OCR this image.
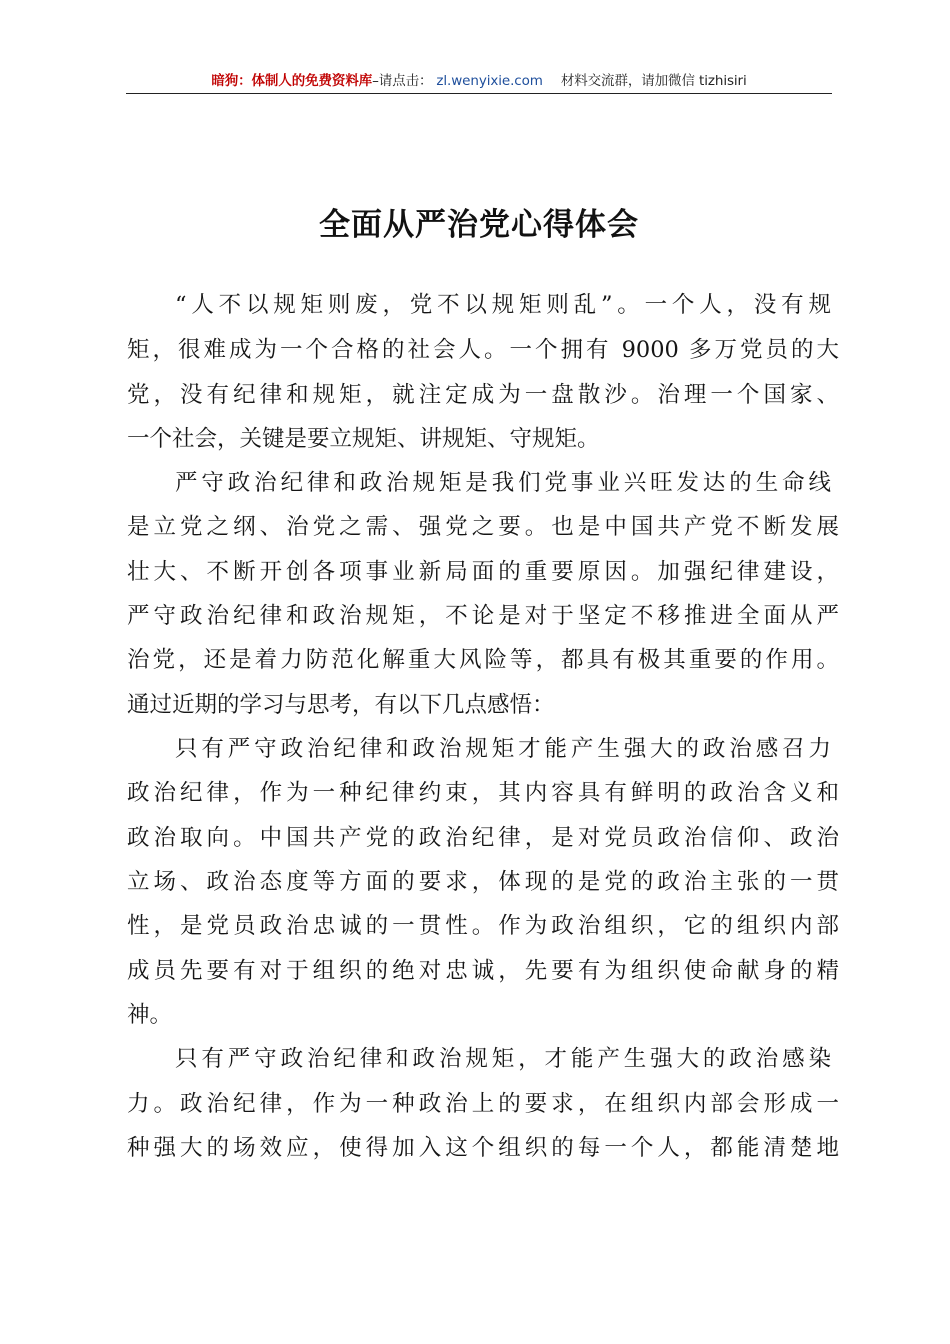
暗狗：体制人的免费资料库–请点击： zl.wenyixie.com 材料交流群，请加微信 tizhisiri
全面从严治党心得体会
“人不以规矩则废，党不以规矩则乱”。一个人，没有规
矩，很难成为一个合格的社会人。一个拥有 9000 多万党员的大
党，没有纪律和规矩，就注定成为一盘散沙。治理一个国家、
一个社会，关键是要立规矩、讲规矩、守规矩。
严守政治纪律和政治规矩是我们党事业兴旺发达的生命线
是立党之纲、治党之需、强党之要。也是中国共产党不断发展
壮大、不断开创各项事业新局面的重要原因。加强纪律建设，
严守政治纪律和政治规矩，不论是对于坚定不移推进全面从严
治党，还是着力防范化解重大风险等，都具有极其重要的作用。
通过近期的学习与思考，有以下几点感悟：
只有严守政治纪律和政治规矩才能产生强大的政治感召力
政治纪律，作为一种纪律约束，其内容具有鲜明的政治含义和
政治取向。中国共产党的政治纪律，是对党员政治信仰、政治
立场、政治态度等方面的要求，体现的是党的政治主张的一贯
性，是党员政治忠诚的一贯性。作为政治组织，它的组织内部
成员先要有对于组织的绝对忠诚，先要有为组织使命献身的精
神。
只有严守政治纪律和政治规矩，才能产生强大的政治感染
力。政治纪律，作为一种政治上的要求，在组织内部会形成一
种强大的场效应，使得加入这个组织的每一个人，都能清楚地
